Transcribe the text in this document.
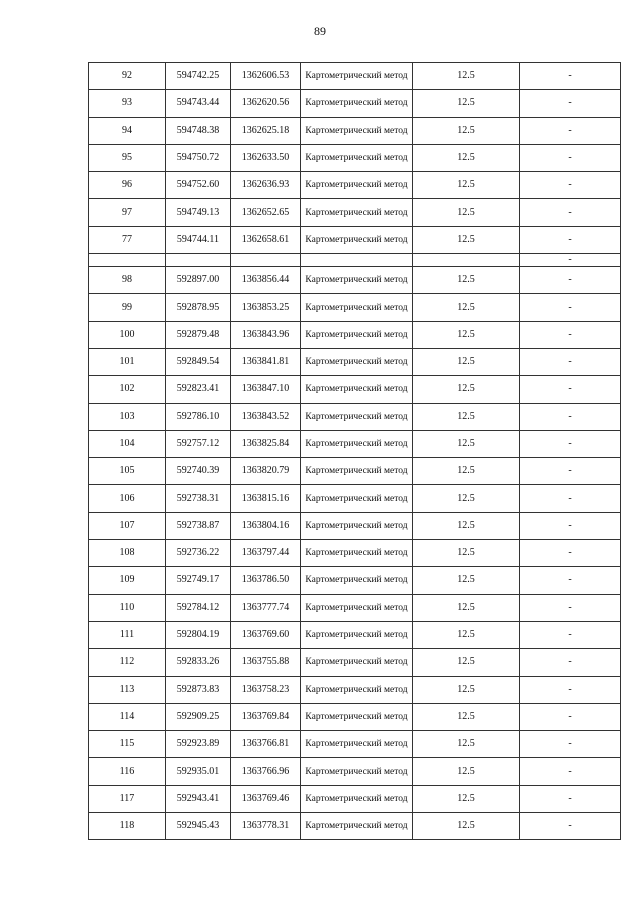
89
92	594742.25	1362606.53	Картометрический метод	12.5	-
93	594743.44	1362620.56	Картометрический метод	12.5	-
94	594748.38	1362625.18	Картометрический метод	12.5	-
95	594750.72	1362633.50	Картометрический метод	12.5	-
96	594752.60	1362636.93	Картометрический метод	12.5	-
97	594749.13	1362652.65	Картометрический метод	12.5	-
77	594744.11	1362658.61	Картометрический метод	12.5	-
					-
98	592897.00	1363856.44	Картометрический метод	12.5	-
99	592878.95	1363853.25	Картометрический метод	12.5	-
100	592879.48	1363843.96	Картометрический метод	12.5	-
101	592849.54	1363841.81	Картометрический метод	12.5	-
102	592823.41	1363847.10	Картометрический метод	12.5	-
103	592786.10	1363843.52	Картометрический метод	12.5	-
104	592757.12	1363825.84	Картометрический метод	12.5	-
105	592740.39	1363820.79	Картометрический метод	12.5	-
106	592738.31	1363815.16	Картометрический метод	12.5	-
107	592738.87	1363804.16	Картометрический метод	12.5	-
108	592736.22	1363797.44	Картометрический метод	12.5	-
109	592749.17	1363786.50	Картометрический метод	12.5	-
110	592784.12	1363777.74	Картометрический метод	12.5	-
111	592804.19	1363769.60	Картометрический метод	12.5	-
112	592833.26	1363755.88	Картометрический метод	12.5	-
113	592873.83	1363758.23	Картометрический метод	12.5	-
114	592909.25	1363769.84	Картометрический метод	12.5	-
115	592923.89	1363766.81	Картометрический метод	12.5	-
116	592935.01	1363766.96	Картометрический метод	12.5	-
117	592943.41	1363769.46	Картометрический метод	12.5	-
118	592945.43	1363778.31	Картометрический метод	12.5	-
